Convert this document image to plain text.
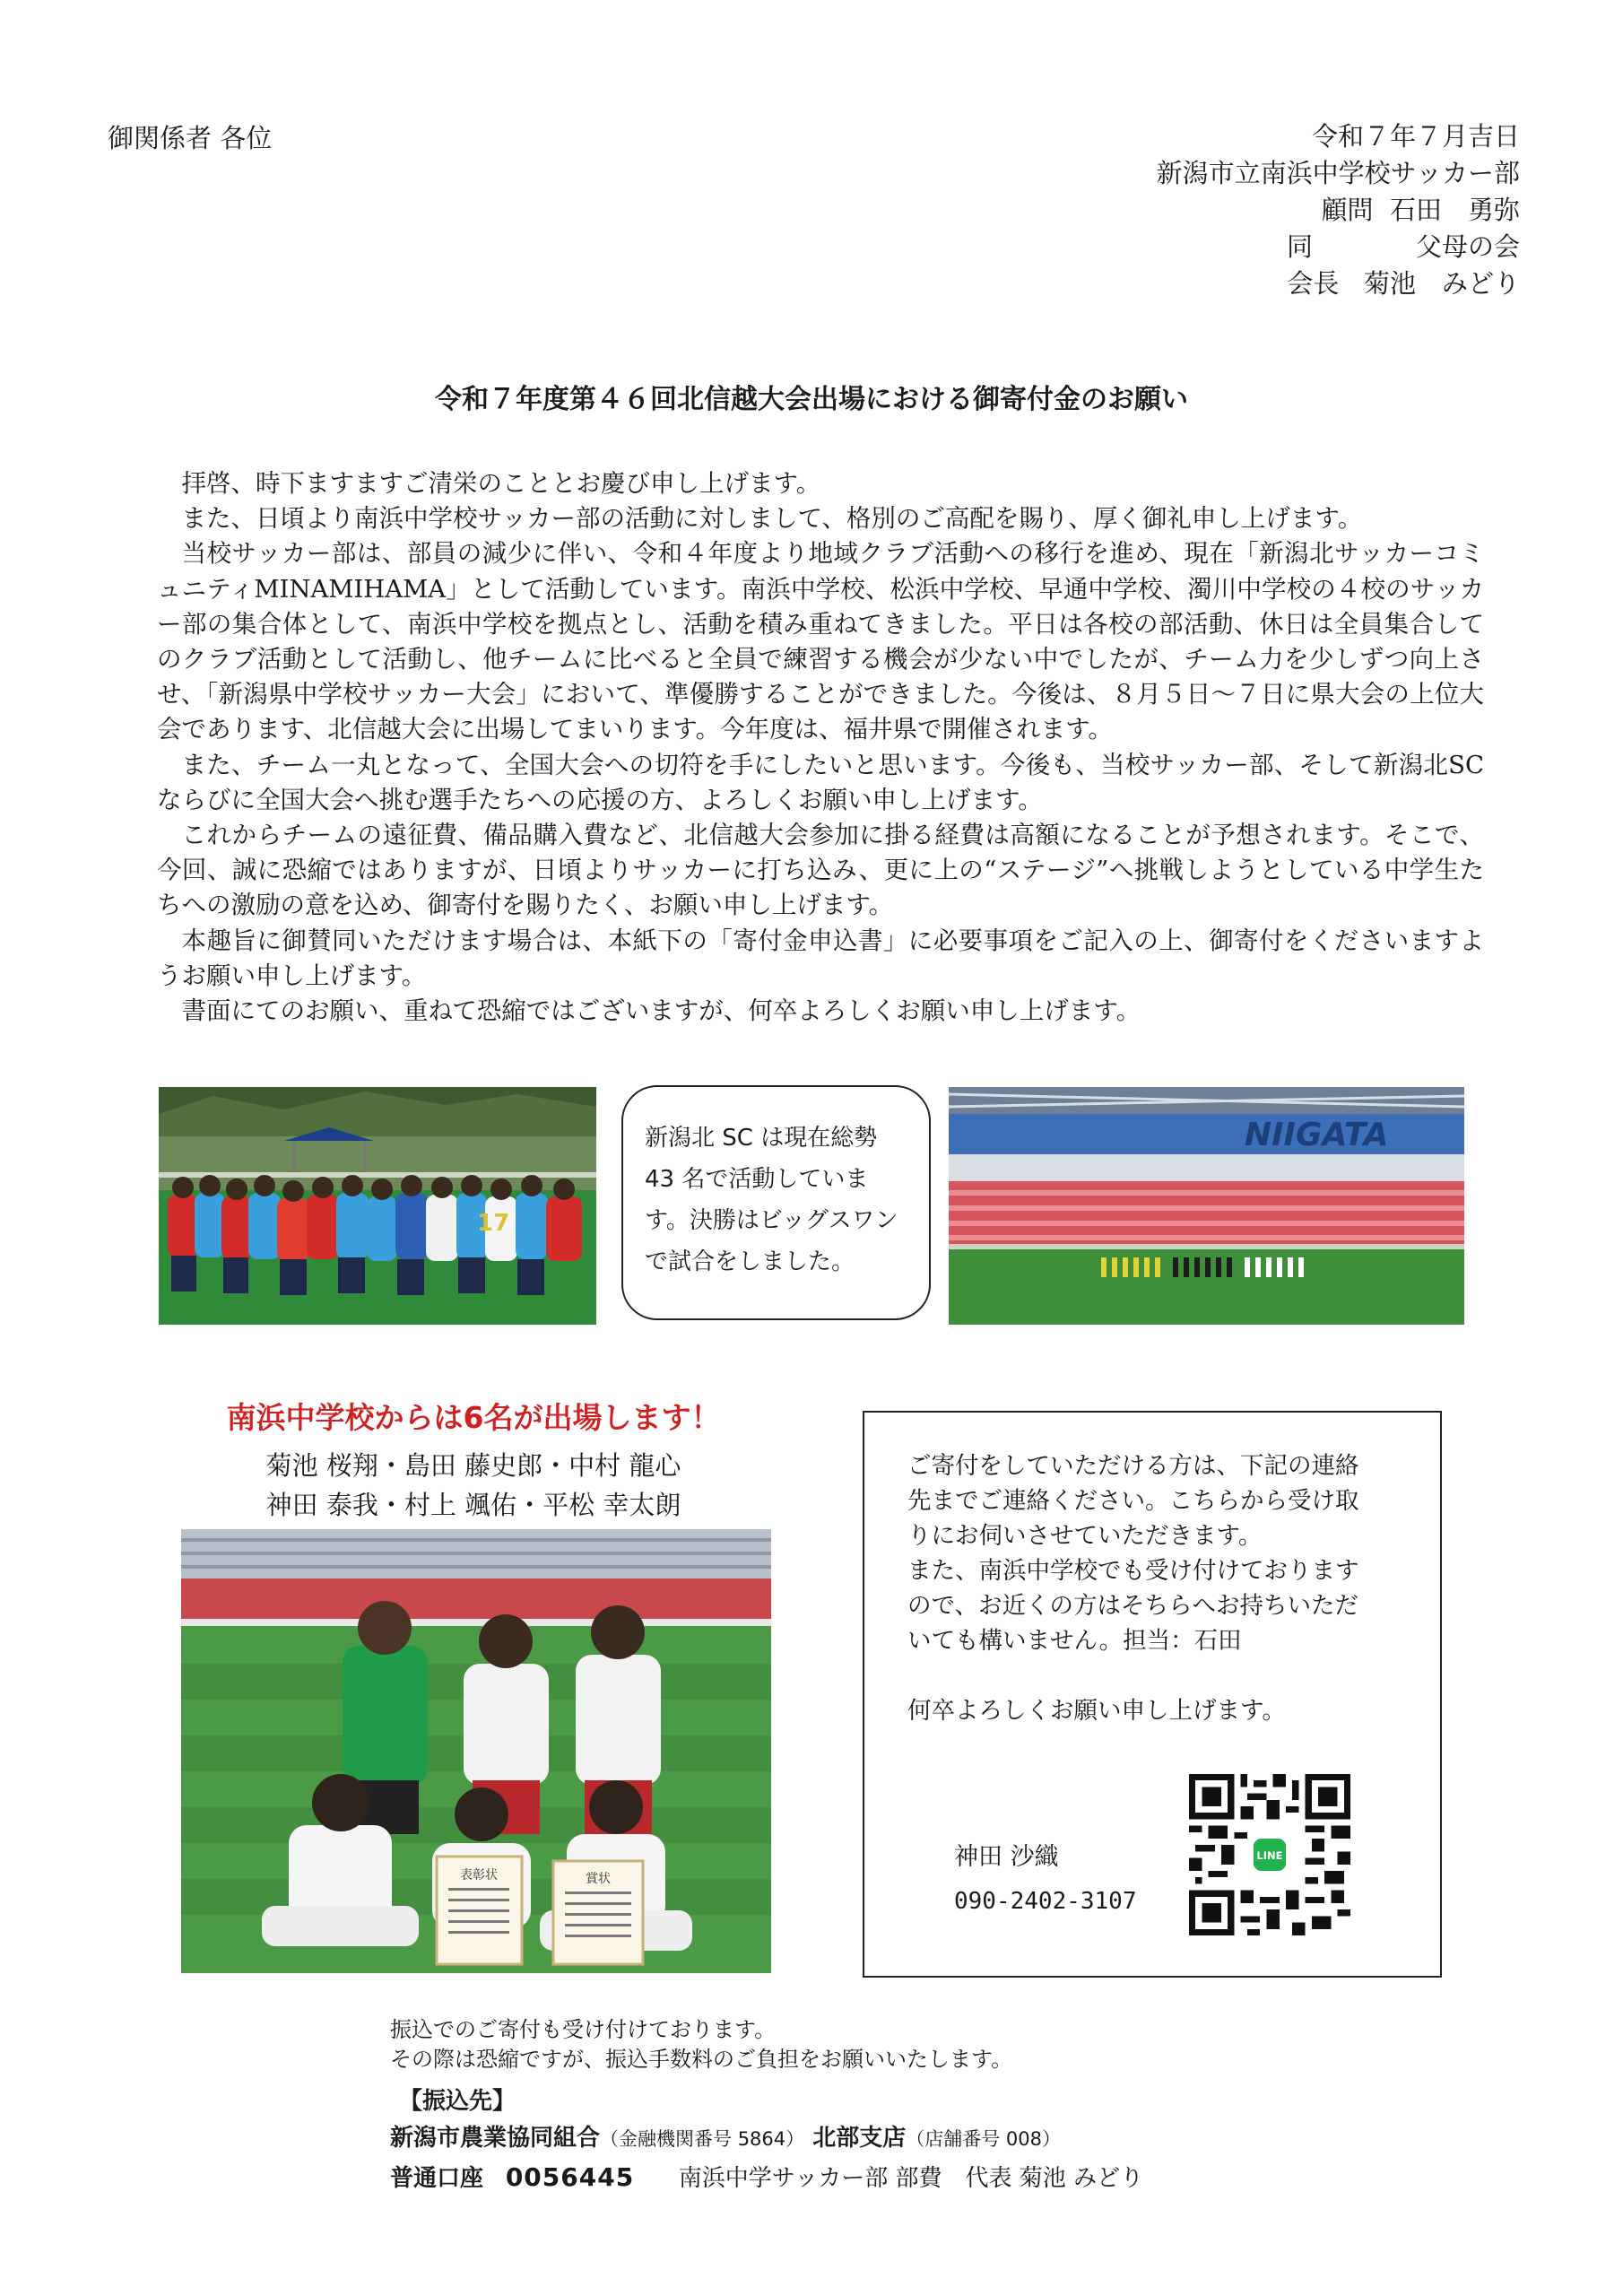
御関係者 各位	令和７年７月吉日
新潟市立南浜中学校サッカー部
顧問 石田　勇弥
同	父母の会
会長 菊池　みどり
令和７年度第４６回北信越大会出場における御寄付金のお願い

拝啓、時下ますますご清栄のこととお慶び申し上げます。

また、日頃より南浜中学校サッカー部の活動に対しまして、格別のご高配を賜り、厚く御礼申し上げます。

当校サッカー部は、部員の減少に伴い、令和４年度より地域クラブ活動への移行を進め、現在「新潟北サッカーコミュニティMINAMIHAMA」として活動しています。南浜中学校、松浜中学校、早通中学校、濁川中学校の４校のサッカー部の集合体として、南浜中学校を拠点とし、活動を積み重ねてきました。平日は各校の部活動、休日は全員集合してのクラブ活動として活動し、他チームに比べると全員で練習する機会が少ない中でしたが、チーム力を少しずつ向上させ、「新潟県中学校サッカー大会」において、準優勝することができました。今後は、８月５日～７日に県大会の上位大会であります、北信越大会に出場してまいります。今年度は、福井県で開催されます。

また、チーム一丸となって、全国大会への切符を手にしたいと思います。今後も、当校サッカー部、そして新潟北SCならびに全国大会へ挑む選手たちへの応援の方、よろしくお願い申し上げます。

これからチームの遠征費、備品購入費など、北信越大会参加に掛る経費は高額になることが予想されます。そこで、今回、誠に恐縮ではありますが、日頃よりサッカーに打ち込み、更に上の“ステージ”へ挑戦しようとしている中学生たちへの激励の意を込め、御寄付を賜りたく、お願い申し上げます。

本趣旨に御賛同いただけます場合は、本紙下の「寄付金申込書」に必要事項をご記入の上、御寄付をくださいますようお願い申し上げます。

書面にてのお願い、重ねて恐縮ではございますが、何卒よろしくお願い申し上げます。

17
新潟北 SC は現在総勢
43 名で活動していま
す。決勝はビッグスワン
で試合をしました。
NIIGATA
南浜中学校からは6名が出場します！
菊池 桜翔・島田 藤史郎・中村 龍心
神田 泰我・村上 颯佑・平松 幸太朗
表彰状	賞状
ご寄付をしていただける方は、下記の連絡
先までご連絡ください。こちらから受け取
りにお伺いさせていただきます。
また、南浜中学校でも受け付けております
ので、お近くの方はそちらへお持ちいただ
いても構いません。担当：石田
何卒よろしくお願い申し上げます。
神田 沙織
090-2402-3107
LINE
振込でのご寄付も受け付けております。
その際は恐縮ですが、振込手数料のご負担をお願いいたします。
【振込先】
新潟市農業協同組合（金融機関番号 5864） 北部支店（店舗番号 008）
普通口座 0056445 南浜中学サッカー部 部費　代表 菊池 みどり
